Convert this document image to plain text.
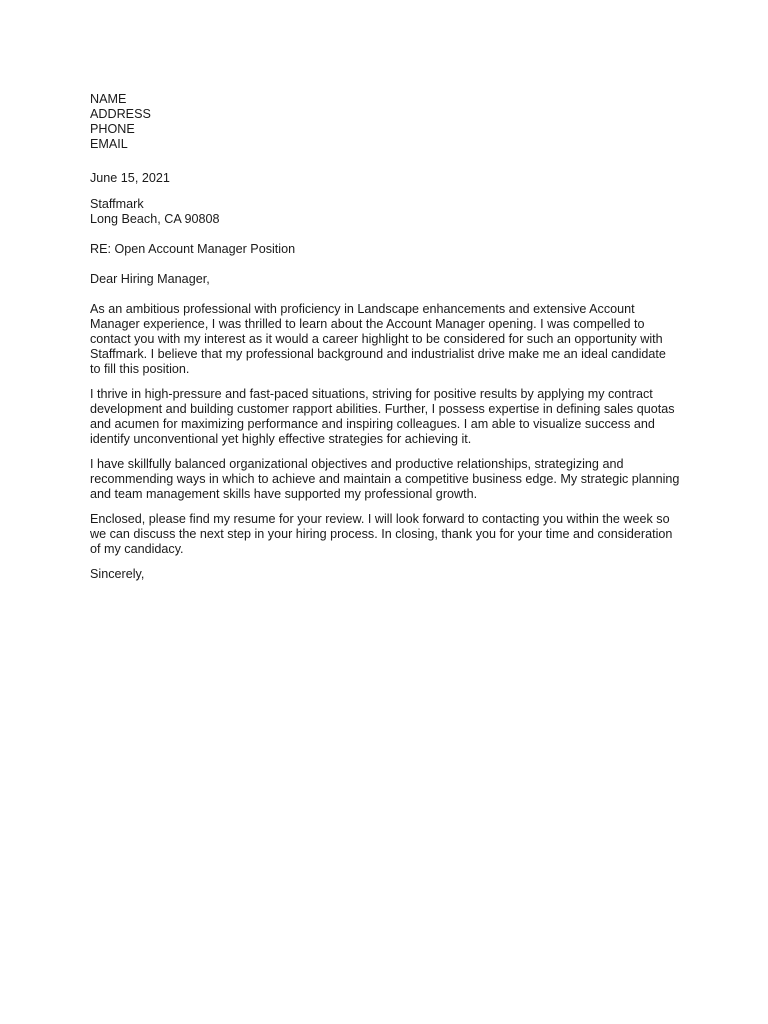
NAME
ADDRESS
PHONE
EMAIL
June 15, 2021
Staffmark
Long Beach, CA 90808
RE: Open Account Manager Position
Dear Hiring Manager,
As an ambitious professional with proficiency in Landscape enhancements and extensive Account
Manager experience, I was thrilled to learn about the Account Manager opening. I was compelled to
contact you with my interest as it would a career highlight to be considered for such an opportunity with
Staffmark. I believe that my professional background and industrialist drive make me an ideal candidate
to fill this position.
I thrive in high-pressure and fast-paced situations, striving for positive results by applying my contract
development and building customer rapport abilities. Further, I possess expertise in defining sales quotas
and acumen for maximizing performance and inspiring colleagues. I am able to visualize success and
identify unconventional yet highly effective strategies for achieving it.
I have skillfully balanced organizational objectives and productive relationships, strategizing and
recommending ways in which to achieve and maintain a competitive business edge. My strategic planning
and team management skills have supported my professional growth.
Enclosed, please find my resume for your review. I will look forward to contacting you within the week so
we can discuss the next step in your hiring process. In closing, thank you for your time and consideration
of my candidacy.
Sincerely,
